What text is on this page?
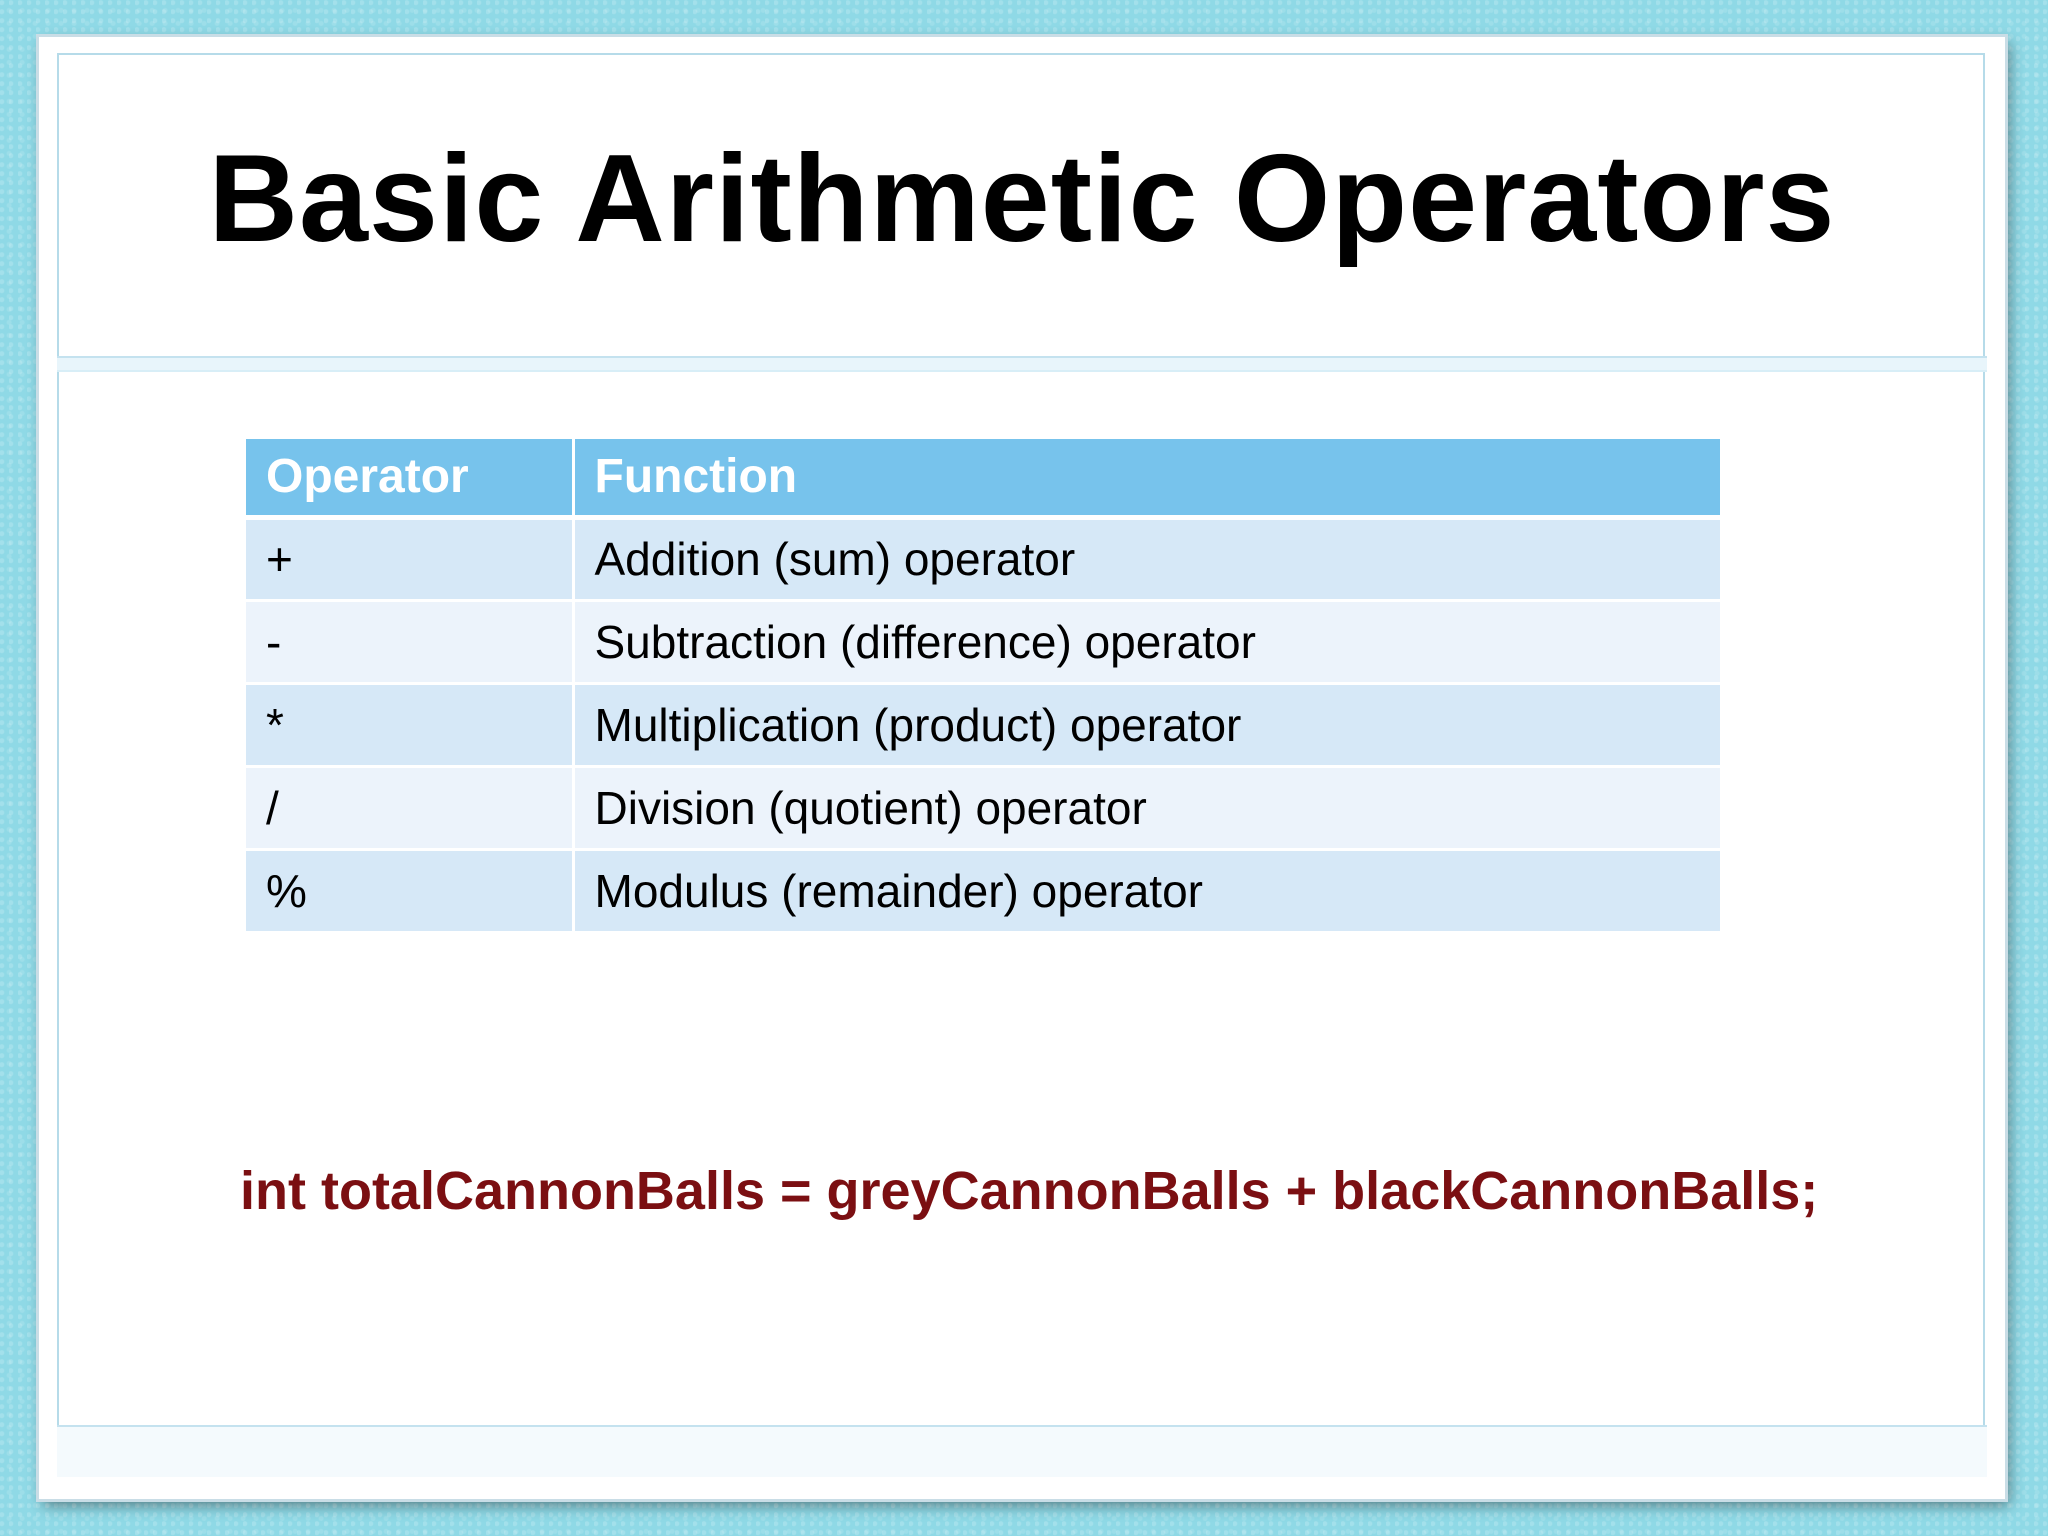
Basic Arithmetic Operators
int totalCannonBalls = greyCannonBalls + blackCannonBalls;
Operator	Function
+	Addition (sum) operator
-	Subtraction (difference) operator
*	Multiplication (product) operator
/	Division (quotient) operator
%	Modulus (remainder) operator
